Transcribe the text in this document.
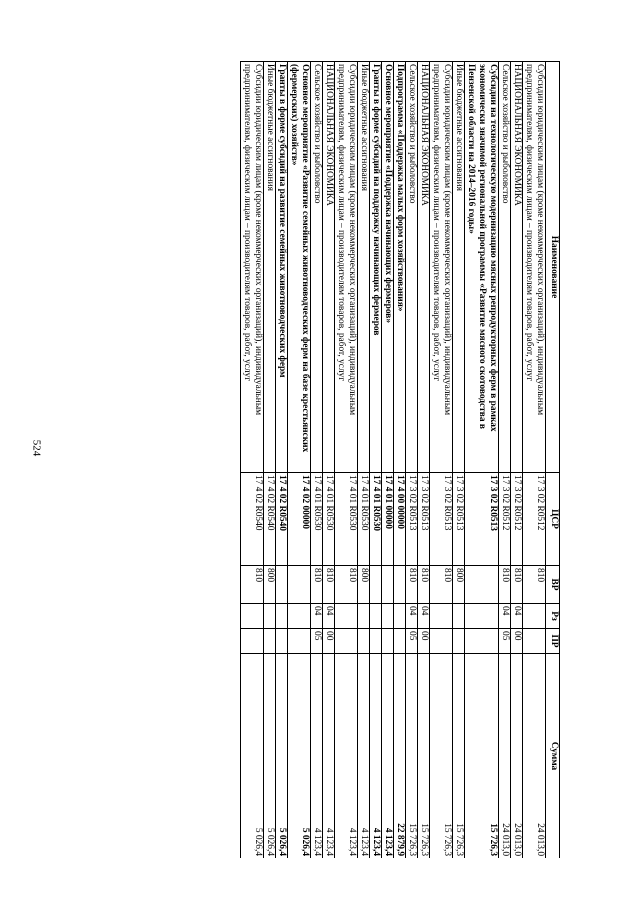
524
Наименование	ЦСР	ВР	Рз	ПР	Сумма
Субсидии юридическим лицам (кроме некоммерческих организаций), индивидуальным предпринимателям, физическим лицам – производителям товаров, работ, услуг	17 3 02 R0512	810			24 013,0
НАЦИОНАЛЬНАЯ ЭКОНОМИКА	17 3 02 R0512	810	04	00	24 013,0
Сельское хозяйство и рыболовство	17 3 02 R0512	810	04	05	24 013,0
Субсидии на технологическую модернизацию мясных репродукторных ферм в рамках экономически значимой региональной программы «Развитие мясного скотоводства в Пензенской области на 2014–2016 годы»	17 3 02 R0513				15 726,3
Иные бюджетные ассигнования	17 3 02 R0513	800			15 726,3
Субсидии юридическим лицам (кроме некоммерческих организаций), индивидуальным предпринимателям, физическим лицам – производителям товаров, работ, услуг	17 3 02 R0513	810			15 726,3
НАЦИОНАЛЬНАЯ ЭКОНОМИКА	17 3 02 R0513	810	04	00	15 726,3
Сельское хозяйство и рыболовство	17 3 02 R0513	810	04	05	15 726,3
Подпрограмма «Поддержка малых форм хозяйствования»	17 4 00 00000				22 879,9
Основное мероприятие «Поддержка начинающих фермеров»	17 4 01 00000				4 123,4
Гранты в форме субсидий на поддержку начинающих фермеров	17 4 01 R0530				4 123,4
Иные бюджетные ассигнования	17 4 01 R0530	800			4 123,4
Субсидии юридическим лицам (кроме некоммерческих организаций), индивидуальным предпринимателям, физическим лицам – производителям товаров, работ, услуг	17 4 01 R0530	810			4 123,4
НАЦИОНАЛЬНАЯ ЭКОНОМИКА	17 4 01 R0530	810	04	00	4 123,4
Сельское хозяйство и рыболовство	17 4 01 R0530	810	04	05	4 123,4
Основное мероприятие «Развитие семейных животноводческих ферм на базе крестьянских (фермерских) хозяйств»	17 4 02 00000				5 026,4
Гранты в форме субсидий на развитие семейных животноводческих ферм	17 4 02 R0540				5 026,4
Иные бюджетные ассигнования	17 4 02 R0540	800			5 026,4
Субсидии юридическим лицам (кроме некоммерческих организаций), индивидуальным предпринимателям, физическим лицам – производителям товаров, работ, услуг	17 4 02 R0540	810			5 026,4
